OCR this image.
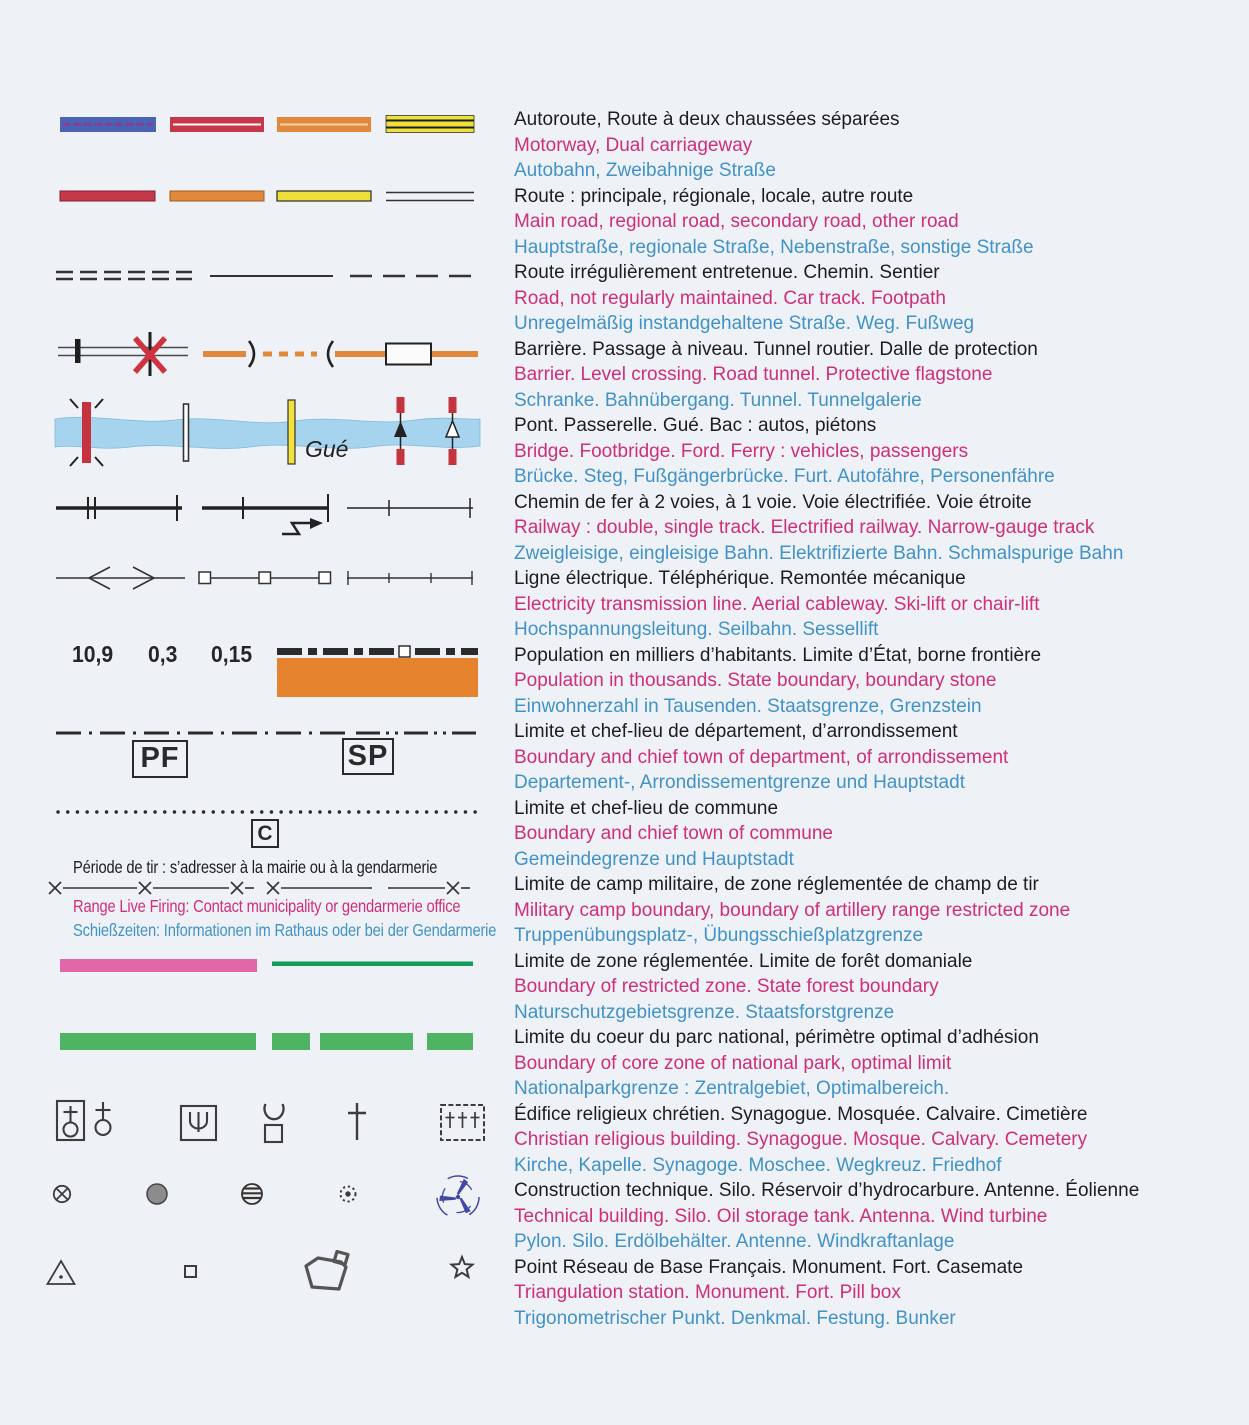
Gué
10,9 0,3 0,15
PF	SP
C
Période de tir : s’adresser à la mairie ou à la gendarmerie
Range Live Firing: Contact municipality or gendarmerie office
Schießzeiten: Informationen im Rathaus oder bei der Gendarmerie

Autoroute, Route à deux chaussées séparées

Motorway, Dual carriageway

Autobahn, Zweibahnige Straße

Route : principale, régionale, locale, autre route

Main road, regional road, secondary road, other road

Hauptstraße, regionale Straße, Nebenstraße, sonstige Straße

Route irrégulièrement entretenue. Chemin. Sentier

Road, not regularly maintained. Car track. Footpath

Unregelmäßig instandgehaltene Straße. Weg. Fußweg

Barrière. Passage à niveau. Tunnel routier. Dalle de protection

Barrier. Level crossing. Road tunnel. Protective flagstone

Schranke. Bahnübergang. Tunnel. Tunnelgalerie

Pont. Passerelle. Gué. Bac : autos, piétons

Bridge. Footbridge. Ford. Ferry : vehicles, passengers

Brücke. Steg, Fußgängerbrücke. Furt. Autofähre, Personenfähre

Chemin de fer à 2 voies, à 1 voie. Voie électrifiée. Voie étroite

Railway : double, single track. Electrified railway. Narrow-gauge track

Zweigleisige, eingleisige Bahn. Elektrifizierte Bahn. Schmalspurige Bahn

Ligne électrique. Téléphérique. Remontée mécanique

Electricity transmission line. Aerial cableway. Ski-lift or chair-lift

Hochspannungsleitung. Seilbahn. Sessellift

Population en milliers d’habitants. Limite d’État, borne frontière

Population in thousands. State boundary, boundary stone

Einwohnerzahl in Tausenden. Staatsgrenze, Grenzstein

Limite et chef-lieu de département, d’arrondissement

Boundary and chief town of department, of arrondissement

Departement-, Arrondissementgrenze und Hauptstadt

Limite et chef-lieu de commune

Boundary and chief town of commune

Gemeindegrenze und Hauptstadt

Limite de camp militaire, de zone réglementée de champ de tir

Military camp boundary, boundary of artillery range restricted zone

Truppenübungsplatz-, Übungsschießplatzgrenze

Limite de zone réglementée. Limite de forêt domaniale

Boundary of restricted zone. State forest boundary

Naturschutzgebietsgrenze. Staatsforstgrenze

Limite du coeur du parc national, périmètre optimal d’adhésion

Boundary of core zone of national park, optimal limit

Nationalparkgrenze : Zentralgebiet, Optimalbereich.

Édifice religieux chrétien. Synagogue. Mosquée. Calvaire. Cimetière

Christian religious building. Synagogue. Mosque. Calvary. Cemetery

Kirche, Kapelle. Synagoge. Moschee. Wegkreuz. Friedhof

Construction technique. Silo. Réservoir d’hydrocarbure. Antenne. Éolienne

Technical building. Silo. Oil storage tank. Antenna. Wind turbine

Pylon. Silo. Erdölbehälter. Antenne. Windkraftanlage

Point Réseau de Base Français. Monument. Fort. Casemate

Triangulation station. Monument. Fort. Pill box

Trigonometrischer Punkt. Denkmal. Festung. Bunker
